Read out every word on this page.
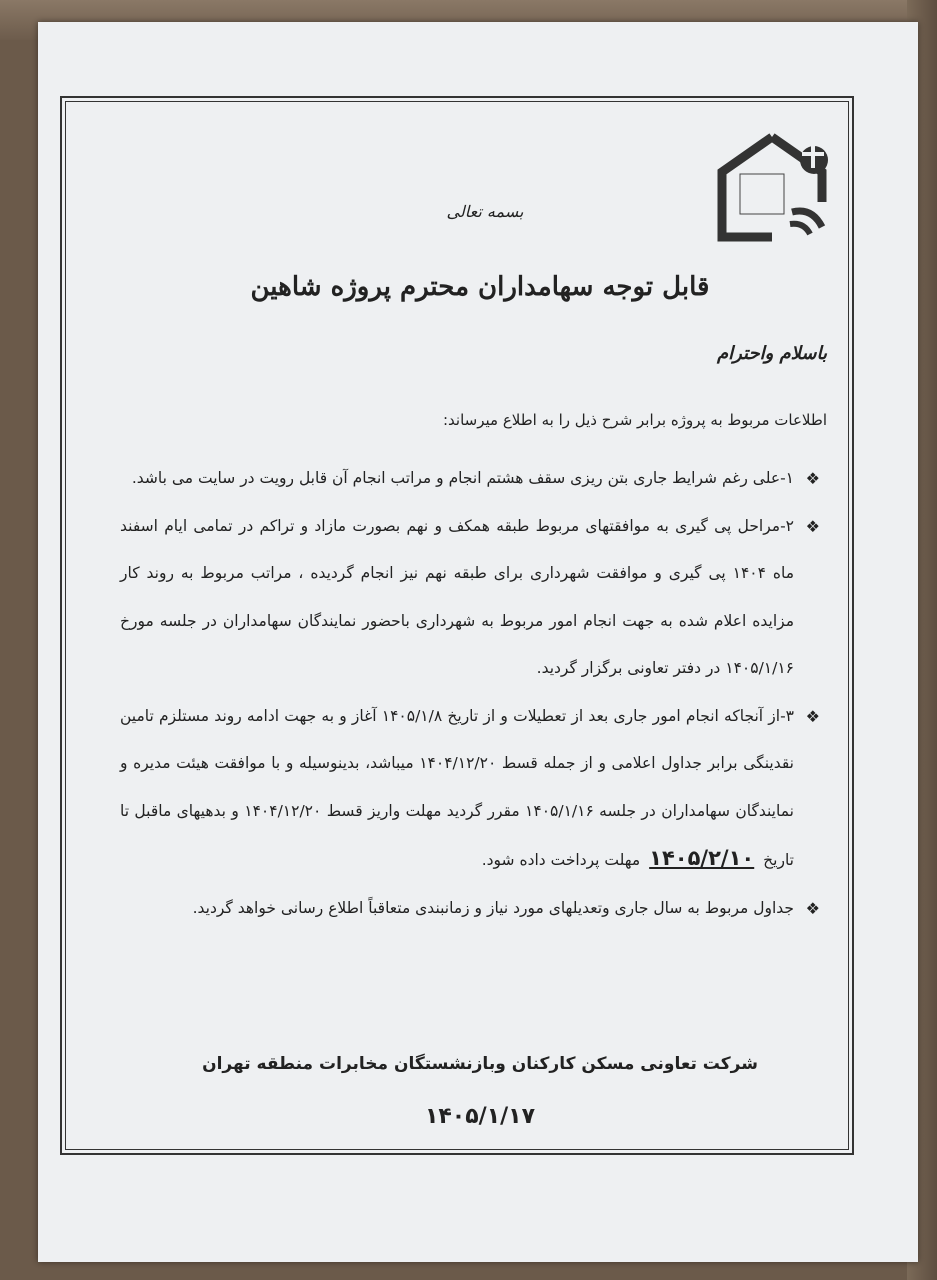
بسمه تعالی
قابل توجه سهامداران محترم پروژه شاهین
باسلام واحترام
اطلاعات مربوط به پروژه برابر شرح ذیل را به اطلاع میرساند:
❖
۱-علی رغم شرایط جاری بتن ریزی سقف هشتم انجام و مراتب انجام آن قابل رویت در سایت می باشد.
❖
۲-مراحل پی گیری به موافقتهای مربوط طبقه همکف و نهم بصورت مازاد و تراکم در تمامی ایام اسفند ماه ۱۴۰۴ پی گیری و موافقت شهرداری برای طبقه نهم نیز انجام گردیده ، مراتب مربوط به روند کار مزایده اعلام شده به جهت انجام امور مربوط به شهرداری باحضور نمایندگان سهامداران در جلسه مورخ ۱۴۰۵/۱/۱۶ در دفتر تعاونی برگزار گردید.
❖
۳-از آنجاکه انجام امور جاری بعد از تعطیلات و از تاریخ ۱۴۰۵/۱/۸ آغاز و به جهت ادامه روند مستلزم تامین نقدینگی برابر جداول اعلامی و از جمله قسط ۱۴۰۴/۱۲/۲۰ میباشد، بدینوسیله و با موافقت هیئت مدیره و نمایندگان سهامداران در جلسه ۱۴۰۵/۱/۱۶ مقرر گردید مهلت واریز قسط ۱۴۰۴/۱۲/۲۰ و بدهیهای ماقبل تا تاریخ ۱۴۰۵/۲/۱۰ مهلت پرداخت داده شود.
❖
جداول مربوط به سال جاری وتعدیلهای مورد نیاز و زمانبندی متعاقباً اطلاع رسانی خواهد گردید.
شرکت تعاونی مسکن کارکنان وبازنشستگان مخابرات منطقه تهران
۱۴۰۵/۱/۱۷
